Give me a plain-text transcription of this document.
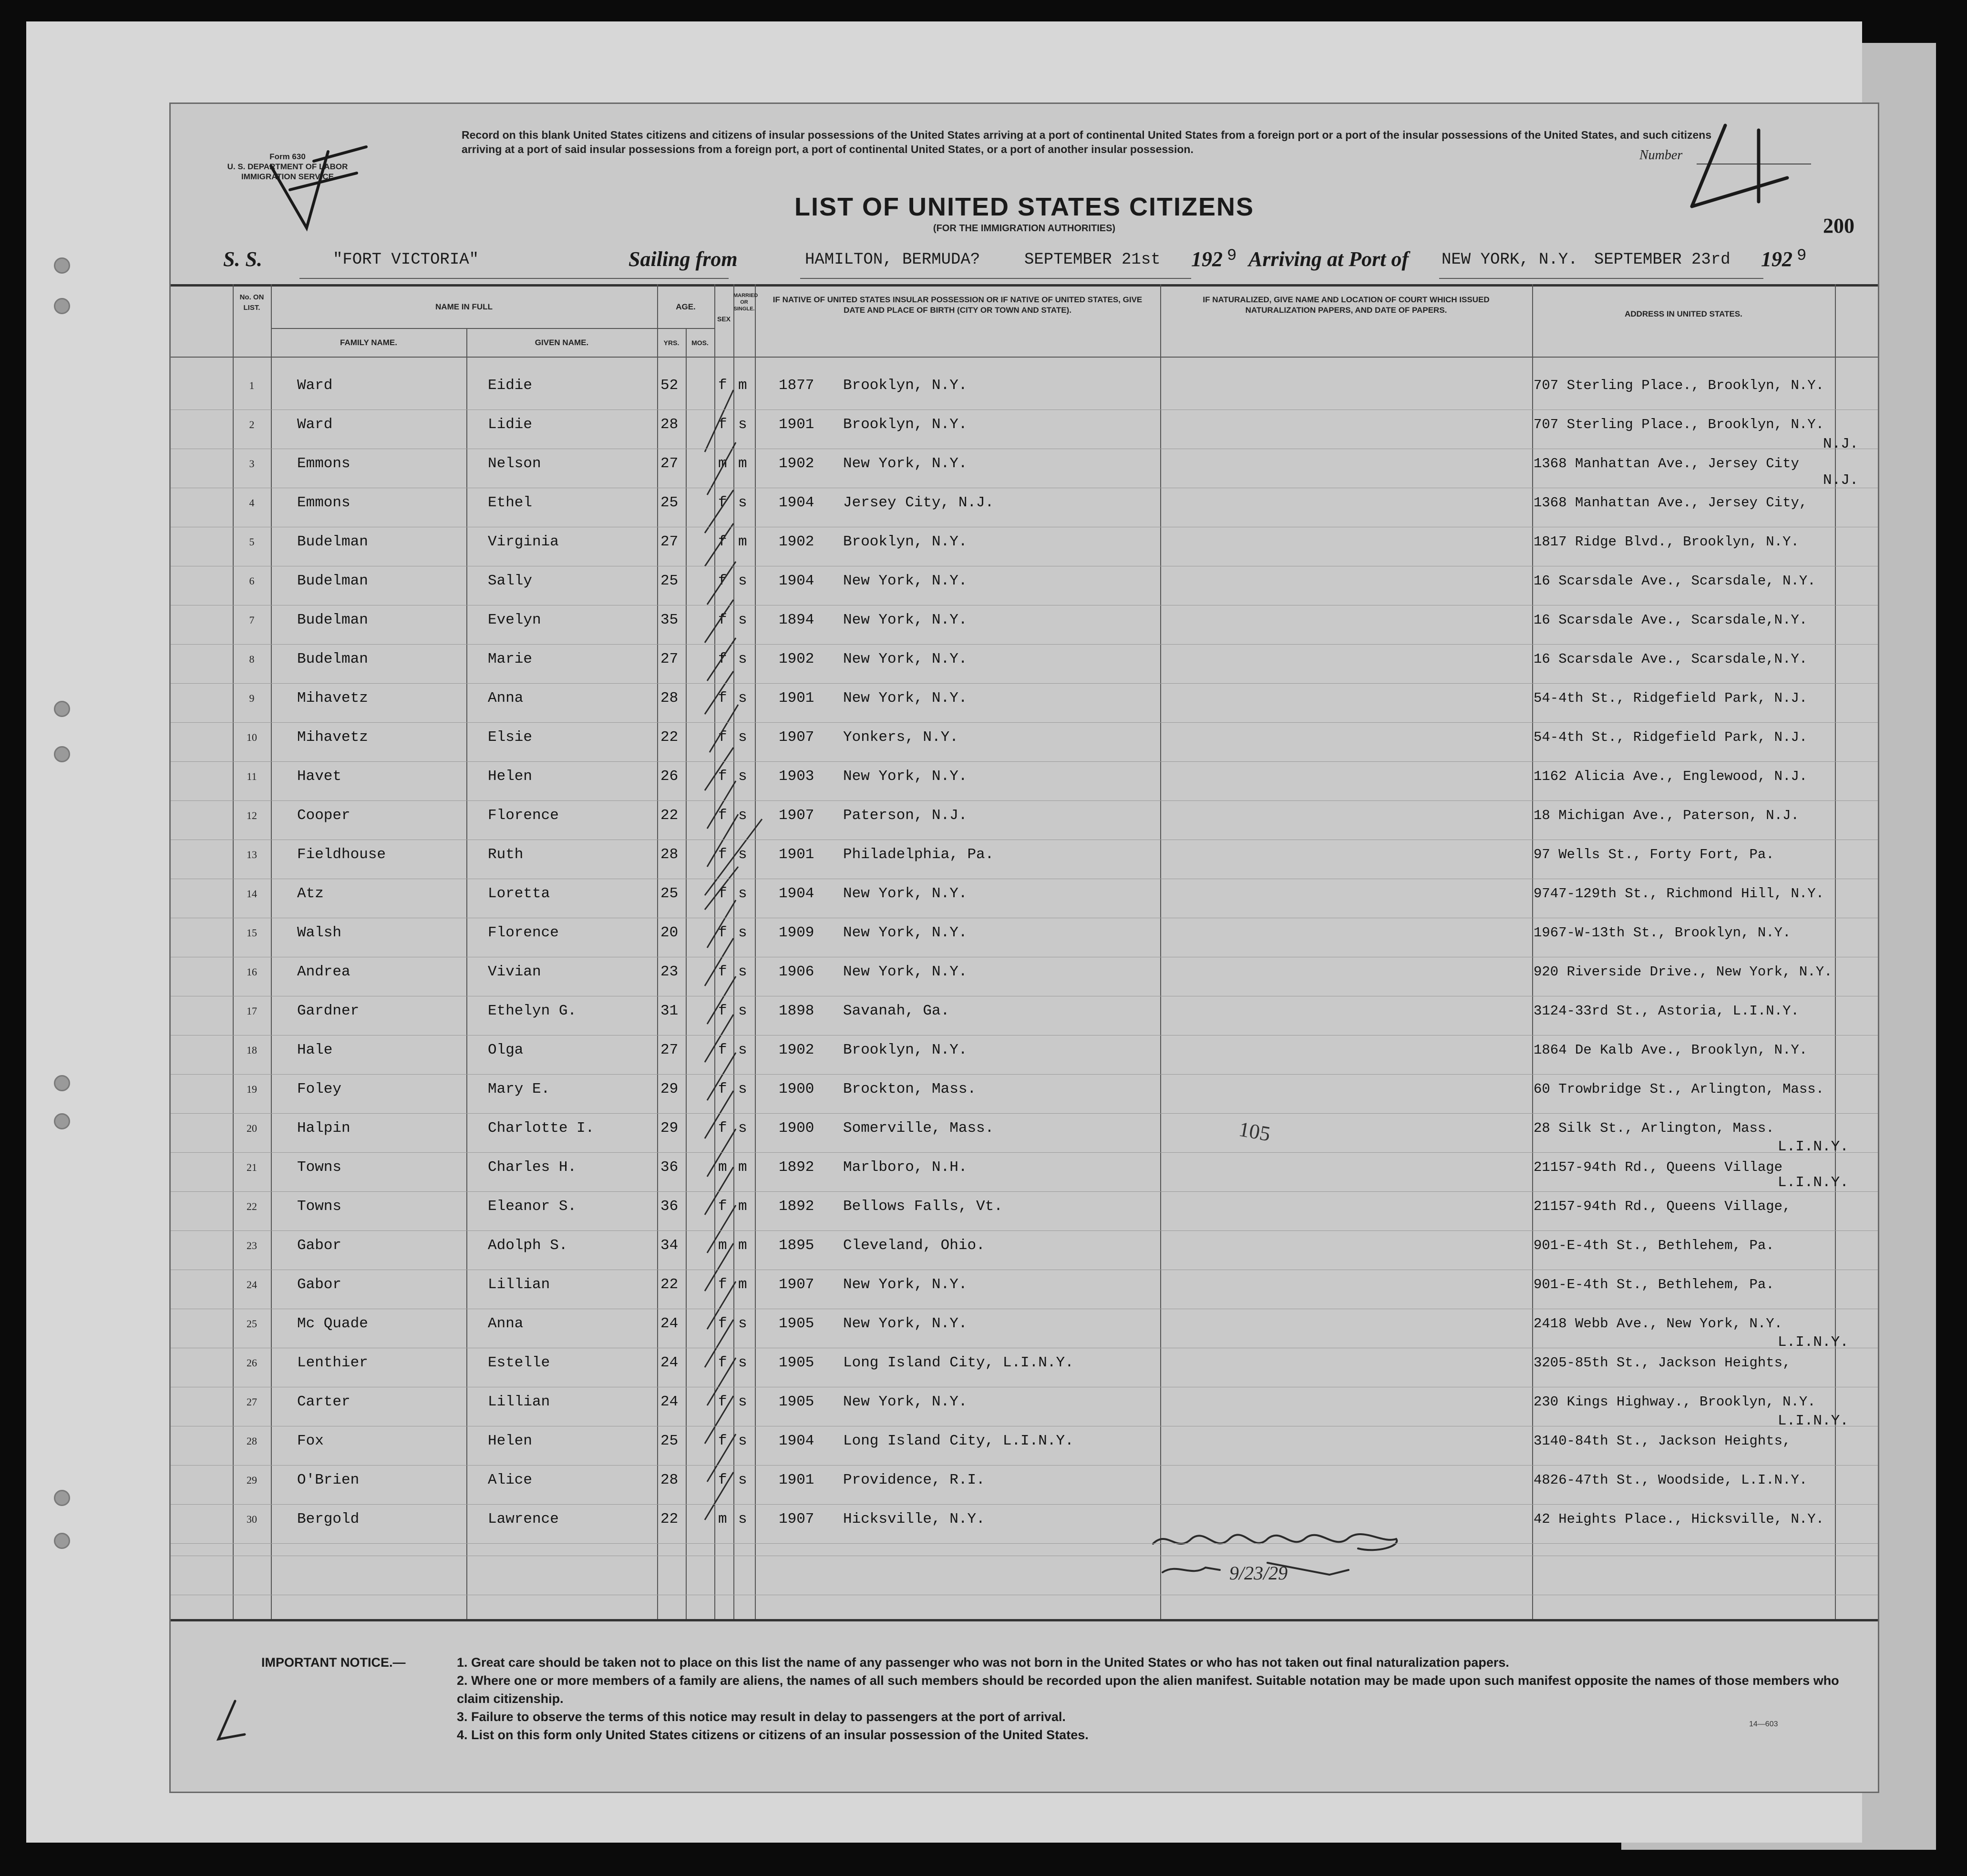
Form 630
U. S. DEPARTMENT OF LABOR
IMMIGRATION SERVICE
Record on this blank United States citizens and citizens of insular possessions of the United States arriving at a port of continental United States from a foreign port or a port of the insular possessions of the United States, and such citizens arriving at a port of said insular possessions from a foreign port, a port of continental United States, or a port of another insular possession.	Number
LIST OF UNITED STATES CITIZENS
(FOR THE IMMIGRATION AUTHORITIES)	200
S. S.	"FORT VICTORIA"	Sailing from	HAMILTON, BERMUDA?	SEPTEMBER 21st 192 9 Arriving at Port of NEW YORK, N.Y. SEPTEMBER 23rd 192 9
No. ON LIST.	NAME IN FULL
FAMILY NAME.	GIVEN NAME.
AGE.
YRS.	MOS.
SEX
MARRIED OR SINGLE.
IF NATIVE OF UNITED STATES INSULAR POSSESSION OR IF NATIVE OF UNITED STATES, GIVE DATE AND PLACE OF BIRTH (CITY OR TOWN AND STATE).
IF NATURALIZED, GIVE NAME AND LOCATION OF COURT WHICH ISSUED NATURALIZATION PAPERS, AND DATE OF PAPERS.	ADDRESS IN UNITED STATES.
1	Ward	Eidie	52	f m 1877 Brooklyn, N.Y.	707 Sterling Place., Brooklyn, N.Y.
2	Ward	Lidie	28	f s 1901 Brooklyn, N.Y.	707 Sterling Place., Brooklyn, N.Y.
3	Emmons	Nelson	27	m m 1902 New York, N.Y.	1368 Manhattan Ave., Jersey City
4	Emmons	Ethel	25	f s 1904 Jersey City, N.J.	1368 Manhattan Ave., Jersey City,
5	Budelman	Virginia	27	f m 1902 Brooklyn, N.Y.	1817 Ridge Blvd., Brooklyn, N.Y.
6	Budelman	Sally	25	f s 1904 New York, N.Y.	16 Scarsdale Ave., Scarsdale, N.Y.
7	Budelman	Evelyn	35	f s 1894 New York, N.Y.	16 Scarsdale Ave., Scarsdale,N.Y.
8	Budelman	Marie	27	f s 1902 New York, N.Y.	16 Scarsdale Ave., Scarsdale,N.Y.
9	Mihavetz	Anna	28	f s 1901 New York, N.Y.	54-4th St., Ridgefield Park, N.J.
10	Mihavetz	Elsie	22	f s 1907 Yonkers, N.Y.	54-4th St., Ridgefield Park, N.J.
11	Havet	Helen	26	f s 1903 New York, N.Y.	1162 Alicia Ave., Englewood, N.J.
12	Cooper	Florence	22	f s 1907 Paterson, N.J.	18 Michigan Ave., Paterson, N.J.
13	Fieldhouse	Ruth	28	f s 1901 Philadelphia, Pa.	97 Wells St., Forty Fort, Pa.
14	Atz	Loretta	25	f s 1904 New York, N.Y.	9747-129th St., Richmond Hill, N.Y.
15	Walsh	Florence	20	f s 1909 New York, N.Y.	1967-W-13th St., Brooklyn, N.Y.
16	Andrea	Vivian	23	f s 1906 New York, N.Y.	920 Riverside Drive., New York, N.Y.
17	Gardner	Ethelyn G.	31	f s 1898 Savanah, Ga.	3124-33rd St., Astoria, L.I.N.Y.
18	Hale	Olga	27	f s 1902 Brooklyn, N.Y.	1864 De Kalb Ave., Brooklyn, N.Y.
19	Foley	Mary E.	29	f s 1900 Brockton, Mass.	60 Trowbridge St., Arlington, Mass.
20	Halpin	Charlotte I.	29	f s 1900 Somerville, Mass.	28 Silk St., Arlington, Mass.
21	Towns	Charles H.	36	m m 1892 Marlboro, N.H.	21157-94th Rd., Queens Village
22	Towns	Eleanor S.	36	f m 1892 Bellows Falls, Vt.	21157-94th Rd., Queens Village,
23	Gabor	Adolph S.	34	m m 1895 Cleveland, Ohio.	901-E-4th St., Bethlehem, Pa.
24	Gabor	Lillian	22	f m 1907 New York, N.Y.	901-E-4th St., Bethlehem, Pa.
25	Mc Quade	Anna	24	f s 1905 New York, N.Y.	2418 Webb Ave., New York, N.Y.
26	Lenthier	Estelle	24	f s 1905 Long Island City, L.I.N.Y.	3205-85th St., Jackson Heights,
27	Carter	Lillian	24	f s 1905 New York, N.Y.	230 Kings Highway., Brooklyn, N.Y.
28	Fox	Helen	25	f s 1904 Long Island City, L.I.N.Y.	3140-84th St., Jackson Heights,
29	O'Brien	Alice	28	f s 1901 Providence, R.I.	4826-47th St., Woodside, L.I.N.Y.
30	Bergold	Lawrence	22	m s 1907 Hicksville, N.Y.	42 Heights Place., Hicksville, N.Y.
N.J.
N.J.
L.I.N.Y.
L.I.N.Y.
L.I.N.Y.
L.I.N.Y.
105
9/23/29
IMPORTANT NOTICE.—	1. Great care should be taken not to place on this list the name of any passenger who was not born in the United States or who has not taken out final naturalization papers.
2. Where one or more members of a family are aliens, the names of all such members should be recorded upon the alien manifest. Suitable notation may be made upon such manifest opposite the names of those members who claim citizenship.
3. Failure to observe the terms of this notice may result in delay to passengers at the port of arrival.
4. List on this form only United States citizens or citizens of an insular possession of the United States.
14—603
